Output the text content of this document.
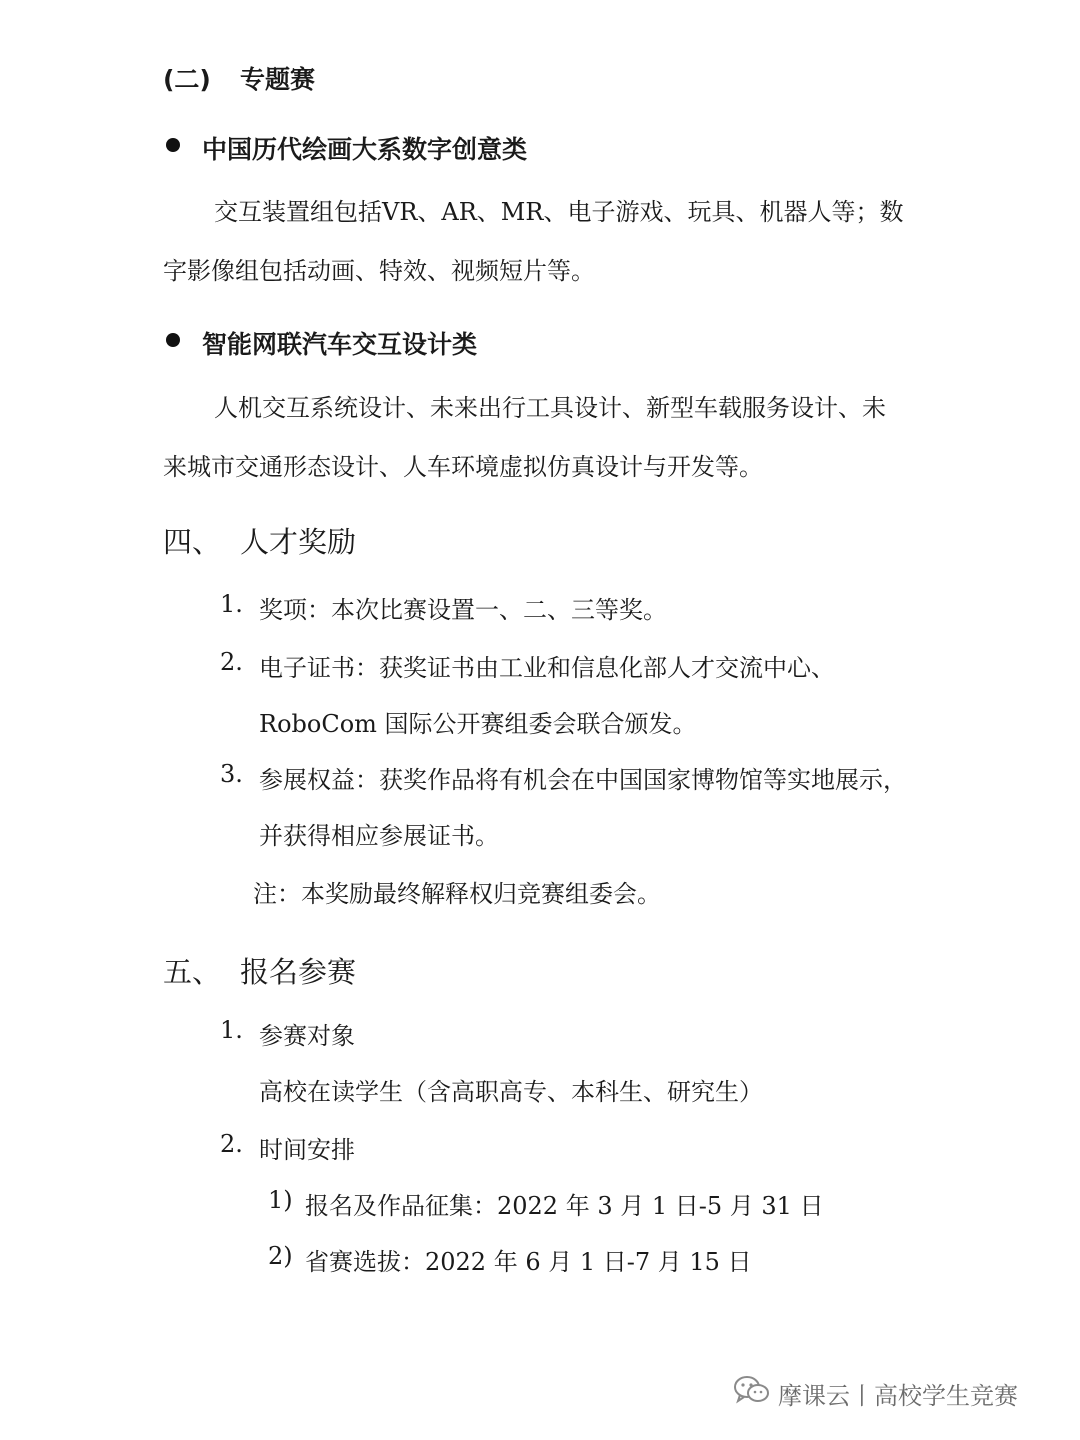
(二) 专题赛
中国历代绘画大系数字创意类
交互装置组包括VR、AR、MR、电子游戏、玩具、机器人等；数
字影像组包括动画、特效、视频短片等。
智能网联汽车交互设计类
人机交互系统设计、未来出行工具设计、新型车载服务设计、未
来城市交通形态设计、人车环境虚拟仿真设计与开发等。
四、 人才奖励
1. 奖项：本次比赛设置一、二、三等奖。
2. 电子证书：获奖证书由工业和信息化部人才交流中心、
RoboCom 国际公开赛组委会联合颁发。
3. 参展权益：获奖作品将有机会在中国国家博物馆等实地展示，
并获得相应参展证书。
注：本奖励最终解释权归竞赛组委会。
五、 报名参赛
1. 参赛对象
高校在读学生（含高职高专、本科生、研究生）
2. 时间安排
1) 报名及作品征集：2022 年 3 月 1 日-5 月 31 日
2) 省赛选拔：2022 年 6 月 1 日-7 月 15 日
摩课云丨高校学生竞赛
